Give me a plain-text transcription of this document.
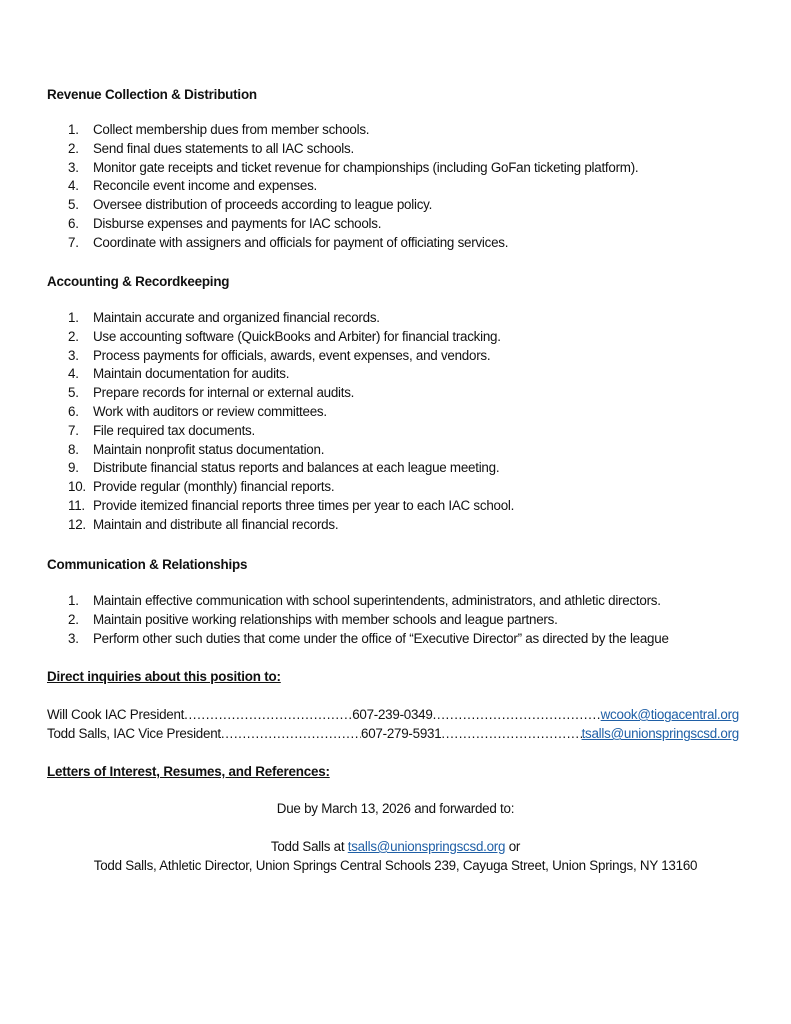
Revenue Collection & Distribution
1.	Collect membership dues from member schools.
2.	Send final dues statements to all IAC schools.
3.	Monitor gate receipts and ticket revenue for championships (including GoFan ticketing platform).
4.	Reconcile event income and expenses.
5.	Oversee distribution of proceeds according to league policy.
6.	Disburse expenses and payments for IAC schools.
7.	Coordinate with assigners and officials for payment of officiating services.
Accounting & Recordkeeping
1.	Maintain accurate and organized financial records.
2.	Use accounting software (QuickBooks and Arbiter) for financial tracking.
3.	Process payments for officials, awards, event expenses, and vendors.
4.	Maintain documentation for audits.
5.	Prepare records for internal or external audits.
6.	Work with auditors or review committees.
7.	File required tax documents.
8.	Maintain nonprofit status documentation.
9.	Distribute financial status reports and balances at each league meeting.
10. Provide regular (monthly) financial reports.
11. Provide itemized financial reports three times per year to each IAC school.
12. Maintain and distribute all financial records.
Communication & Relationships
1.	Maintain effective communication with school superintendents, administrators, and athletic directors.
2.	Maintain positive working relationships with member schools and league partners.
3.	Perform other such duties that come under the office of “Executive Director” as directed by the league
Direct inquiries about this position to:
Will Cook IAC President .....	607-239-0349 .....	wcook@tiogacentral.org
Todd Salls, IAC Vice President .....	607-279-5931 .....	tsalls@unionspringscsd.org
Letters of Interest, Resumes, and References:
Due by March 13, 2026 and forwarded to:
Todd Salls at tsalls@unionspringscsd.org or
Todd Salls, Athletic Director, Union Springs Central Schools 239, Cayuga Street, Union Springs, NY 13160
